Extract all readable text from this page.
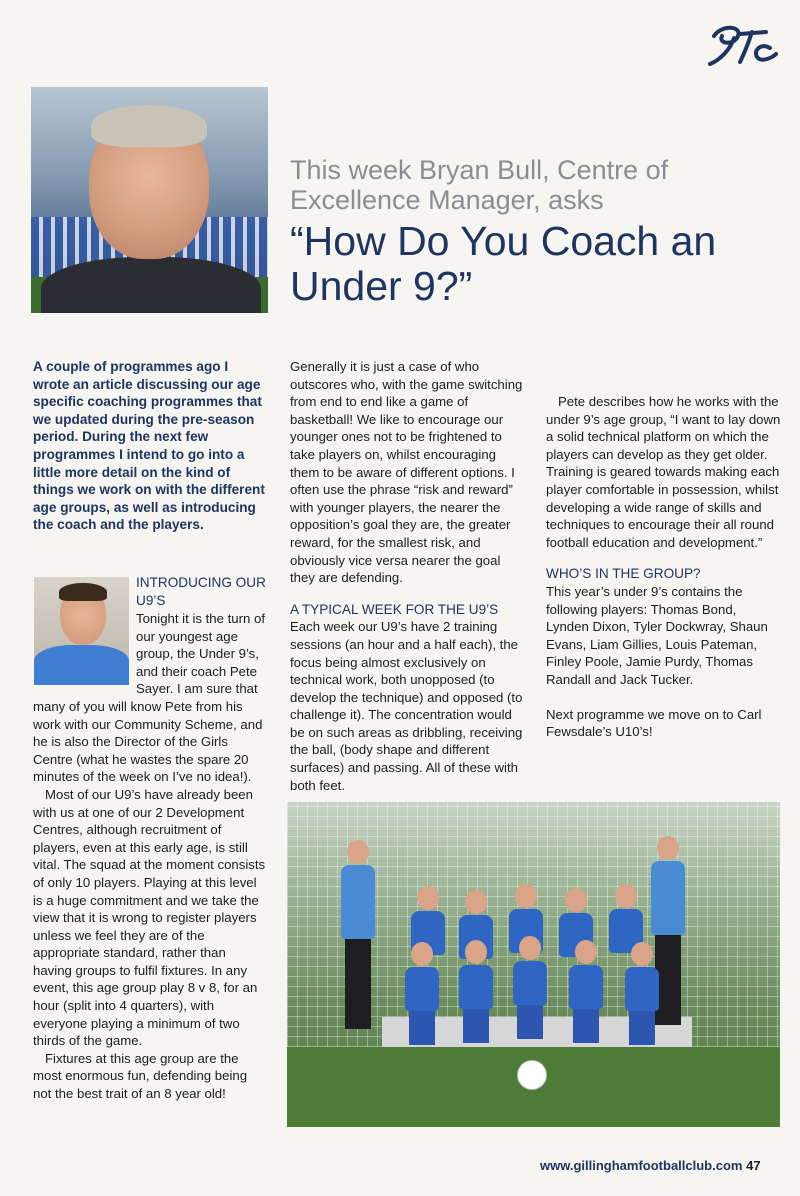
This week Bryan Bull, Centre of Excellence Manager, asks

“How Do You Coach an Under 9?”

A couple of programmes ago I wrote an article discussing our age specific coaching programmes that we updated during the pre-season period. During the next few programmes I intend to go into a little more detail on the kind of things we work on with the different age groups, as well as introducing the coach and the players.

INTRODUCING OUR U9’S

Tonight it is the turn of our youngest age group, the Under 9’s, and their coach Pete Sayer. I am sure that many of you will know Pete from his work with our Community Scheme, and he is also the Director of the Girls Centre (what he wastes the spare 20 minutes of the week on I’ve no idea!).

Most of our U9’s have already been with us at one of our 2 Development Centres, although recruitment of players, even at this early age, is still vital. The squad at the moment consists of only 10 players. Playing at this level is a huge commitment and we take the view that it is wrong to register players unless we feel they are of the appropriate standard, rather than having groups to fulfil fixtures. In any event, this age group play 8 v 8, for an hour (split into 4 quarters), with everyone playing a minimum of two thirds of the game.

Fixtures at this age group are the most enormous fun, defending being not the best trait of an 8 year old!

Generally it is just a case of who outscores who, with the game switching from end to end like a game of basketball! We like to encourage our younger ones not to be frightened to take players on, whilst encouraging them to be aware of different options. I often use the phrase “risk and reward” with younger players, the nearer the opposition’s goal they are, the greater reward, for the smallest risk, and obviously vice versa nearer the goal they are defending.

A TYPICAL WEEK FOR THE U9’S

Each week our U9’s have 2 training sessions (an hour and a half each), the focus being almost exclusively on technical work, both unopposed (to develop the technique) and opposed (to challenge it). The concentration would be on such areas as dribbling, receiving the ball, (body shape and different surfaces) and passing. All of these with both feet.

Pete describes how he works with the under 9’s age group, “I want to lay down a solid technical platform on which the players can develop as they get older. Training is geared towards making each player comfortable in possession, whilst developing a wide range of skills and techniques to encourage their all round football education and development.”

WHO’S IN THE GROUP?

This year’s under 9’s contains the following players: Thomas Bond, Lynden Dixon, Tyler Dockwray, Shaun Evans, Liam Gillies, Louis Pateman, Finley Poole, Jamie Purdy, Thomas Randall and Jack Tucker.

Next programme we move on to Carl Fewsdale’s U10’s!

www.gillinghamfootballclub.com 47
